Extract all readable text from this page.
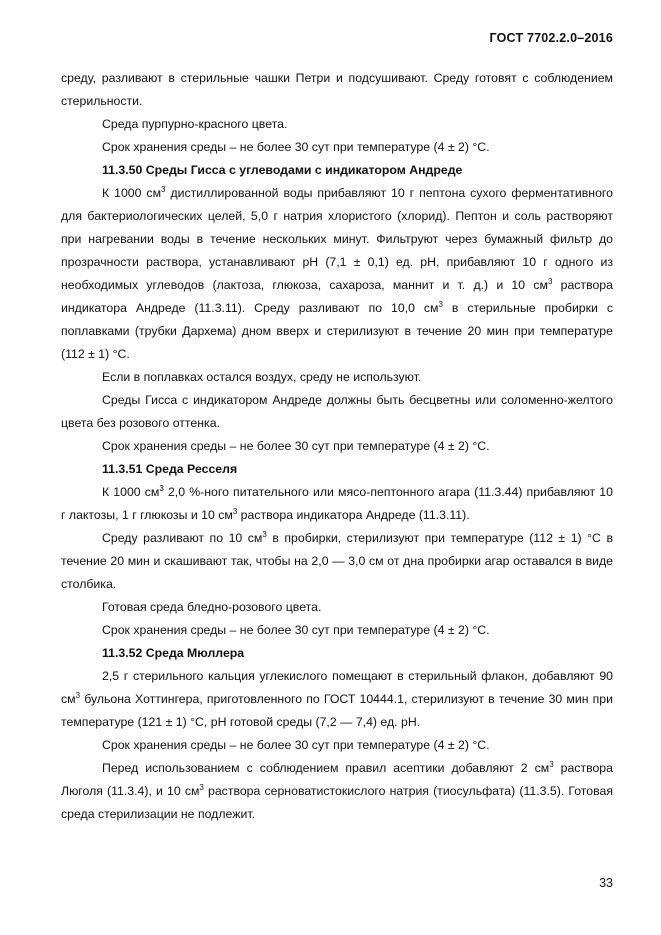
ГОСТ 7702.2.0–2016

среду, разливают в стерильные чашки Петри и подсушивают. Среду готовят с соблюдением стерильности.

Среда пурпурно-красного цвета.

Срок хранения среды – не более 30 сут при температуре (4 ± 2) °С.

11.3.50 Среды Гисса с углеводами с индикатором Андреде

К 1000 $см^3$ дистиллированной воды прибавляют 10 г пептона сухого ферментативного для бактериологических целей, 5,0 г натрия хлористого (хлорид). Пептон и соль растворяют при нагревании воды в течение нескольких минут. Фильтруют через бумажный фильтр до прозрачности раствора, устанавливают pH (7,1 ± 0,1) ед. pH, прибавляют 10 г одного из необходимых углеводов (лактоза, глюкоза, сахароза, маннит и т. д.) и 10 $см^3$ раствора индикатора Андреде (11.3.11). Среду разливают по 10,0 $см^3$ в стерильные пробирки с поплавками (трубки Дархема) дном вверх и стерилизуют в течение 20 мин при температуре (112 ± 1) °С.

Если в поплавках остался воздух, среду не используют.

Среды Гисса с индикатором Андреде должны быть бесцветны или соломенно-желтого цвета без розового оттенка.

Срок хранения среды – не более 30 сут при температуре (4 ± 2) °С.

11.3.51 Среда Ресселя

К 1000 $см^3$ 2,0 %-ного питательного или мясо-пептонного агара (11.3.44) прибавляют 10 г лактозы, 1 г глюкозы и 10 $см^3$ раствора индикатора Андреде (11.3.11).

Среду разливают по 10 $см^3$ в пробирки, стерилизуют при температуре (112 ± 1) °С в течение 20 мин и скашивают так, чтобы на 2,0 — 3,0 см от дна пробирки агар оставался в виде столбика.

Готовая среда бледно-розового цвета.

Срок хранения среды – не более 30 сут при температуре (4 ± 2) °С.

11.3.52 Среда Мюллера

2,5 г стерильного кальция углекислого помещают в стерильный флакон, добавляют 90 $см^3$ бульона Хоттингера, приготовленного по ГОСТ 10444.1, стерилизуют в течение 30 мин при температуре (121 ± 1) °С, pH готовой среды (7,2 — 7,4) ед. pH.

Срок хранения среды – не более 30 сут при температуре (4 ± 2) °С.

Перед использованием с соблюдением правил асептики добавляют 2 $см^3$ раствора Люголя (11.3.4), и 10 $см^3$ раствора серноватистокислого натрия (тиосульфата) (11.3.5). Готовая среда стерилизации не подлежит.

33
